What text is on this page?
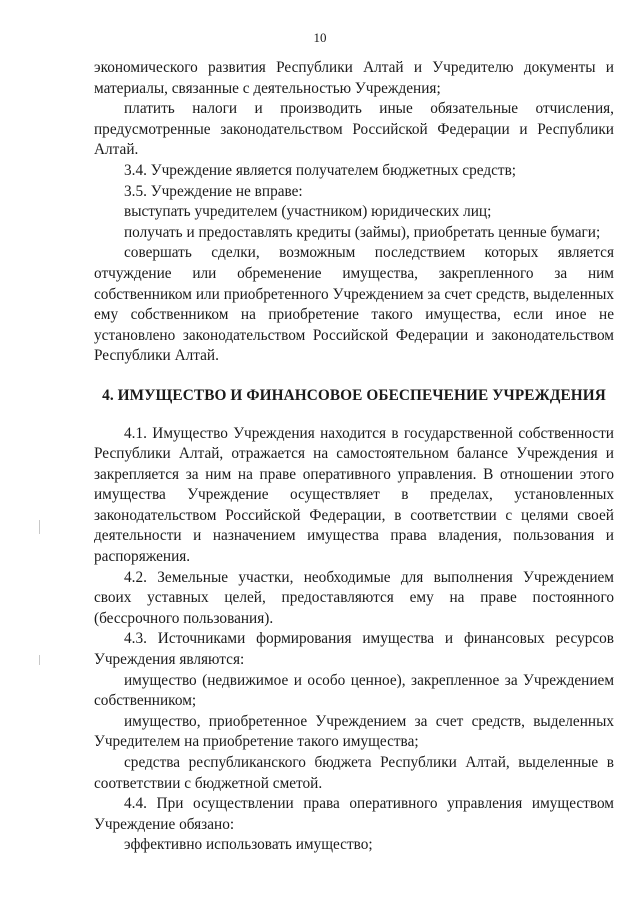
10

экономического развития Республики Алтай и Учредителю документы и материалы, связанные с деятельностью Учреждения;

платить налоги и производить иные обязательные отчисления, предусмотренные законодательством Российской Федерации и Республики Алтай.

3.4. Учреждение является получателем бюджетных средств;

3.5. Учреждение не вправе:

выступать учредителем (участником) юридических лиц;

получать и предоставлять кредиты (займы), приобретать ценные бумаги;

совершать сделки, возможным последствием которых является отчуждение или обременение имущества, закрепленного за ним собственником или приобретенного Учреждением за счет средств, выделенных ему собственником на приобретение такого имущества, если иное не установлено законодательством Российской Федерации и законодательством Республики Алтай.

4. ИМУЩЕСТВО И ФИНАНСОВОЕ ОБЕСПЕЧЕНИЕ УЧРЕЖДЕНИЯ

4.1. Имущество Учреждения находится в государственной собственности Республики Алтай, отражается на самостоятельном балансе Учреждения и закрепляется за ним на праве оперативного управления. В отношении этого имущества Учреждение осуществляет в пределах, установленных законодательством Российской Федерации, в соответствии с целями своей деятельности и назначением имущества права владения, пользования и распоряжения.

4.2. Земельные участки, необходимые для выполнения Учреждением своих уставных целей, предоставляются ему на праве постоянного (бессрочного пользования).

4.3. Источниками формирования имущества и финансовых ресурсов Учреждения являются:

имущество (недвижимое и особо ценное), закрепленное за Учреждением собственником;

имущество, приобретенное Учреждением за счет средств, выделенных Учредителем на приобретение такого имущества;

средства республиканского бюджета Республики Алтай, выделенные в соответствии с бюджетной сметой.

4.4. При осуществлении права оперативного управления имуществом Учреждение обязано:

эффективно использовать имущество;
